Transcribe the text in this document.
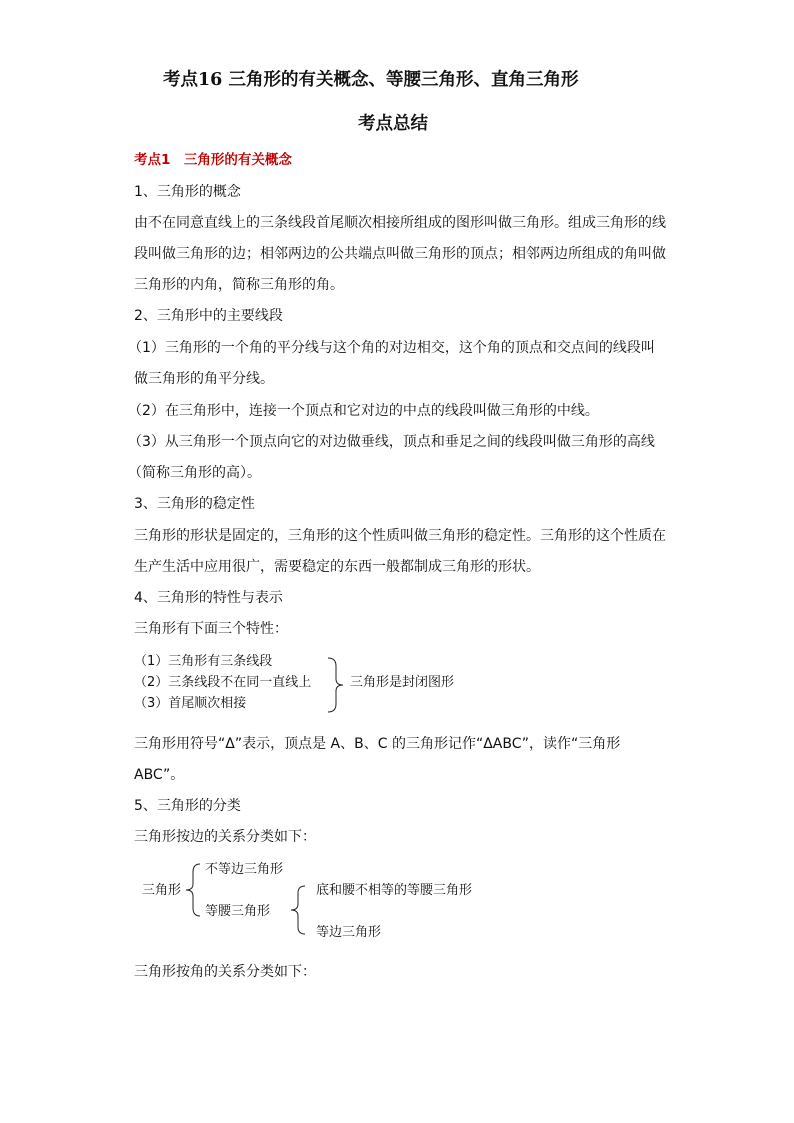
考点16 三角形的有关概念、等腰三角形、直角三角形
考点总结
考点1　三角形的有关概念
1、三角形的概念
由不在同意直线上的三条线段首尾顺次相接所组成的图形叫做三角形。组成三角形的线
段叫做三角形的边；相邻两边的公共端点叫做三角形的顶点；相邻两边所组成的角叫做
三角形的内角，简称三角形的角。
2、三角形中的主要线段
（1）三角形的一个角的平分线与这个角的对边相交，这个角的顶点和交点间的线段叫
做三角形的角平分线。
（2）在三角形中，连接一个顶点和它对边的中点的线段叫做三角形的中线。
（3）从三角形一个顶点向它的对边做垂线，顶点和垂足之间的线段叫做三角形的高线
（简称三角形的高）。
3、三角形的稳定性
三角形的形状是固定的，三角形的这个性质叫做三角形的稳定性。三角形的这个性质在
生产生活中应用很广，需要稳定的东西一般都制成三角形的形状。
4、三角形的特性与表示
三角形有下面三个特性：
（1）三角形有三条线段
（2）三条线段不在同一直线上
（3）首尾顺次相接
三角形是封闭图形
三角形用符号“Δ”表示，顶点是 A、B、C 的三角形记作“ΔABC”，读作“三角形
ABC”。
5、三角形的分类
三角形按边的关系分类如下：
三角形
不等边三角形
等腰三角形
底和腰不相等的等腰三角形
等边三角形
三角形按角的关系分类如下：
